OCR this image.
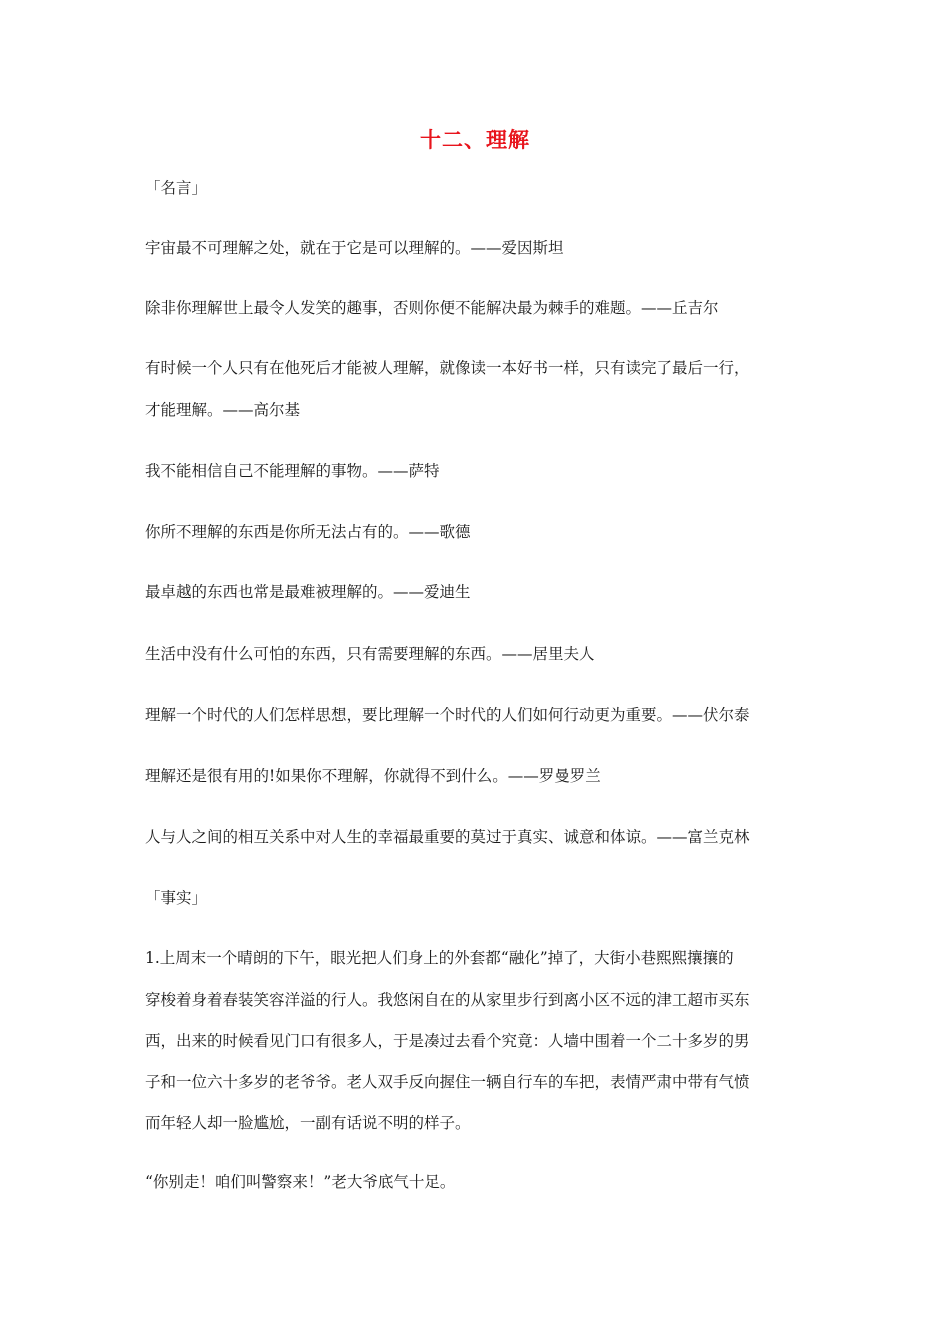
十二、理解
「名言」
宇宙最不可理解之处，就在于它是可以理解的。——爱因斯坦
除非你理解世上最令人发笑的趣事，否则你便不能解决最为棘手的难题。——丘吉尔
有时候一个人只有在他死后才能被人理解，就像读一本好书一样，只有读完了最后一行，
才能理解。——高尔基
我不能相信自己不能理解的事物。——萨特
你所不理解的东西是你所无法占有的。——歌德
最卓越的东西也常是最难被理解的。——爱迪生
生活中没有什么可怕的东西，只有需要理解的东西。——居里夫人
理解一个时代的人们怎样思想，要比理解一个时代的人们如何行动更为重要。——伏尔泰
理解还是很有用的!如果你不理解，你就得不到什么。——罗曼罗兰
人与人之间的相互关系中对人生的幸福最重要的莫过于真实、诚意和体谅。——富兰克林
「事实」
1.上周末一个晴朗的下午，眼光把人们身上的外套都“融化”掉了，大街小巷熙熙攘攘的
穿梭着身着春装笑容洋溢的行人。我悠闲自在的从家里步行到离小区不远的津工超市买东
西，出来的时候看见门口有很多人，于是凑过去看个究竟：人墙中围着一个二十多岁的男
子和一位六十多岁的老爷爷。老人双手反向握住一辆自行车的车把，表情严肃中带有气愤
而年轻人却一脸尴尬，一副有话说不明的样子。
“你别走！咱们叫警察来！”老大爷底气十足。
